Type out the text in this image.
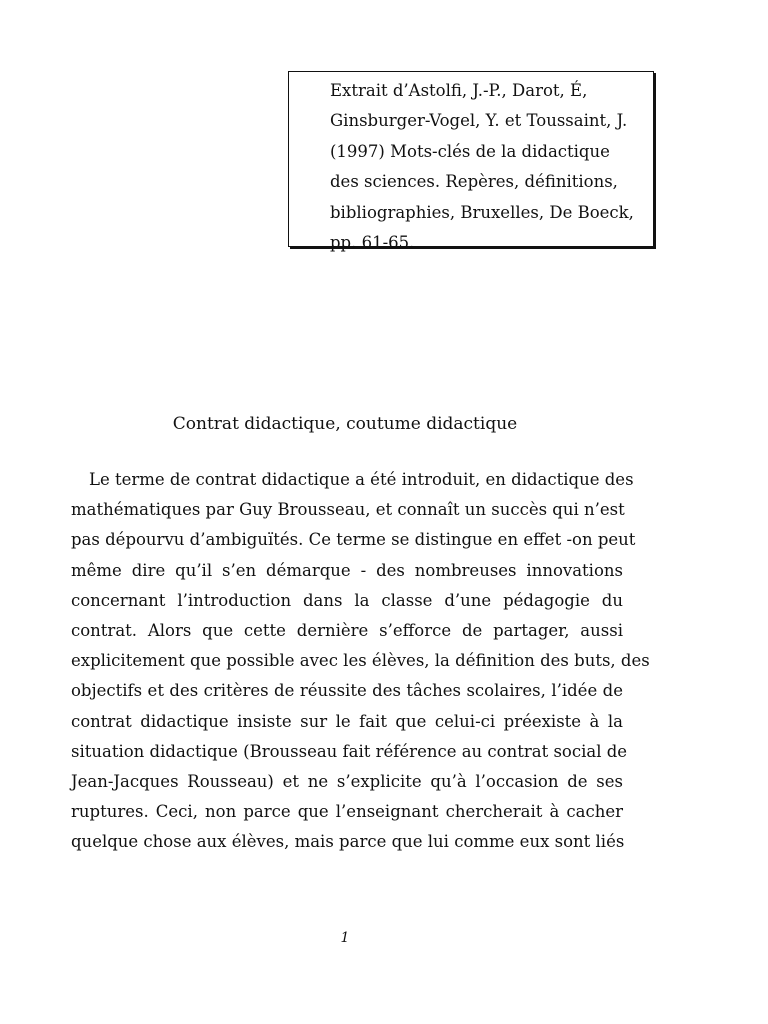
Extrait d’Astolfi, J.-P., Darot, É,
Ginsburger-Vogel, Y. et Toussaint, J.
(1997) Mots-clés de la didactique
des sciences. Repères, définitions,
bibliographies, Bruxelles, De Boeck,
pp. 61-65.
Contrat didactique, coutume didactique
Le terme de contrat didactique a été introduit, en didactique des
mathématiques par Guy Brousseau, et connaît un succès qui n’est
pas dépourvu d’ambiguïtés. Ce terme se distingue en effet -on peut
même dire qu’il s’en démarque - des nombreuses innovations
concernant l’introduction dans la classe d’une pédagogie du
contrat. Alors que cette dernière s’efforce de partager, aussi
explicitement que possible avec les élèves, la définition des buts, des
objectifs et des critères de réussite des tâches scolaires, l’idée de
contrat didactique insiste sur le fait que celui-ci préexiste à la
situation didactique (Brousseau fait référence au contrat social de
Jean-Jacques Rousseau) et ne s’explicite qu’à l’occasion de ses
ruptures. Ceci, non parce que l’enseignant chercherait à cacher
quelque chose aux élèves, mais parce que lui comme eux sont liés
1
